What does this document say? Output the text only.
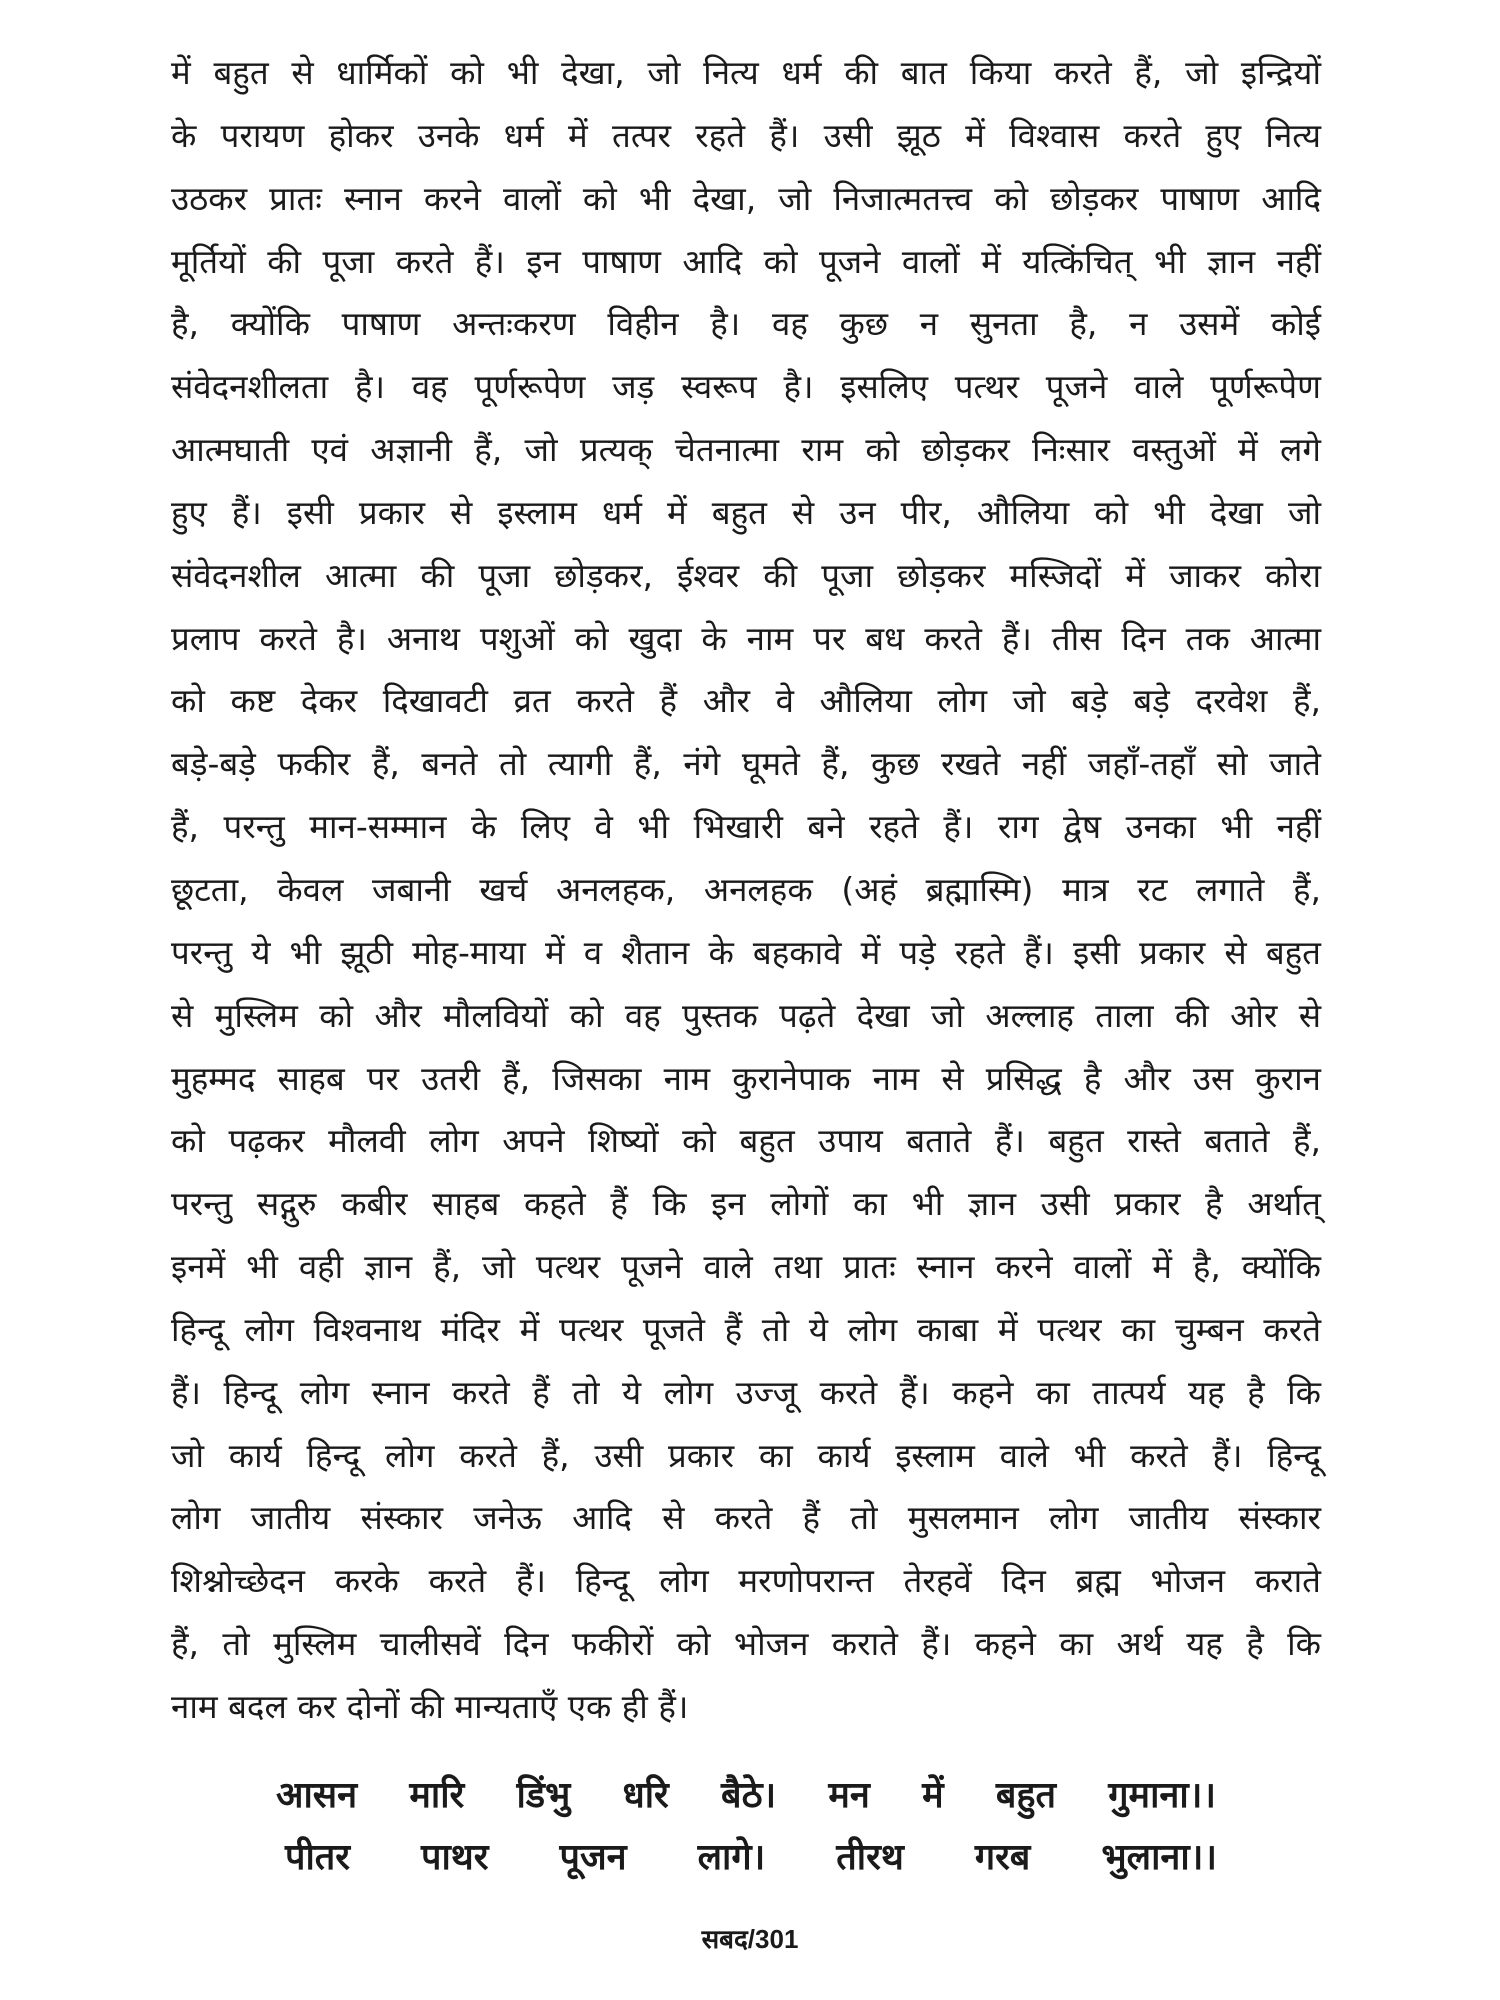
में बहुत से धार्मिकों को भी देखा, जो नित्य धर्म की बात किया करते हैं, जो इन्द्रियों
के परायण होकर उनके धर्म में तत्पर रहते हैं। उसी झूठ में विश्वास करते हुए नित्य
उठकर प्रातः स्नान करने वालों को भी देखा, जो निजात्मतत्त्व को छोड़कर पाषाण आदि
मूर्तियों की पूजा करते हैं। इन पाषाण आदि को पूजने वालों में यत्किंचित् भी ज्ञान नहीं
है, क्योंकि पाषाण अन्तःकरण विहीन है। वह कुछ न सुनता है, न उसमें कोई
संवेदनशीलता है। वह पूर्णरूपेण जड़ स्वरूप है। इसलिए पत्थर पूजने वाले पूर्णरूपेण
आत्मघाती एवं अज्ञानी हैं, जो प्रत्यक् चेतनात्मा राम को छोड़कर निःसार वस्तुओं में लगे
हुए हैं। इसी प्रकार से इस्लाम धर्म में बहुत से उन पीर, औलिया को भी देखा जो
संवेदनशील आत्मा की पूजा छोड़कर, ईश्वर की पूजा छोड़कर मस्जिदों में जाकर कोरा
प्रलाप करते है। अनाथ पशुओं को खुदा के नाम पर बध करते हैं। तीस दिन तक आत्मा
को कष्ट देकर दिखावटी व्रत करते हैं और वे औलिया लोग जो बड़े बड़े दरवेश हैं,
बड़े-बड़े फकीर हैं, बनते तो त्यागी हैं, नंगे घूमते हैं, कुछ रखते नहीं जहाँ-तहाँ सो जाते
हैं, परन्तु मान-सम्मान के लिए वे भी भिखारी बने रहते हैं। राग द्वेष उनका भी नहीं
छूटता, केवल जबानी खर्च अनलहक, अनलहक (अहं ब्रह्मास्मि) मात्र रट लगाते हैं,
परन्तु ये भी झूठी मोह-माया में व शैतान के बहकावे में पड़े रहते हैं। इसी प्रकार से बहुत
से मुस्लिम को और मौलवियों को वह पुस्तक पढ़ते देखा जो अल्लाह ताला की ओर से
मुहम्मद साहब पर उतरी हैं, जिसका नाम कुरानेपाक नाम से प्रसिद्ध है और उस कुरान
को पढ़कर मौलवी लोग अपने शिष्यों को बहुत उपाय बताते हैं। बहुत रास्ते बताते हैं,
परन्तु सद्गुरु कबीर साहब कहते हैं कि इन लोगों का भी ज्ञान उसी प्रकार है अर्थात्
इनमें भी वही ज्ञान हैं, जो पत्थर पूजने वाले तथा प्रातः स्नान करने वालों में है, क्योंकि
हिन्दू लोग विश्वनाथ मंदिर में पत्थर पूजते हैं तो ये लोग काबा में पत्थर का चुम्बन करते
हैं। हिन्दू लोग स्नान करते हैं तो ये लोग उज्जू करते हैं। कहने का तात्पर्य यह है कि
जो कार्य हिन्दू लोग करते हैं, उसी प्रकार का कार्य इस्लाम वाले भी करते हैं। हिन्दू
लोग जातीय संस्कार जनेऊ आदि से करते हैं तो मुसलमान लोग जातीय संस्कार
शिश्नोच्छेदन करके करते हैं। हिन्दू लोग मरणोपरान्त तेरहवें दिन ब्रह्म भोजन कराते
हैं, तो मुस्लिम चालीसवें दिन फकीरों को भोजन कराते हैं। कहने का अर्थ यह है कि
नाम बदल कर दोनों की मान्यताएँ एक ही हैं।
आसन मारि डिंभु धरि बैठे। मन में बहुत गुमाना।।
पीतर पाथर पूजन लागे। तीरथ गरब भुलाना।।
सबद/301
